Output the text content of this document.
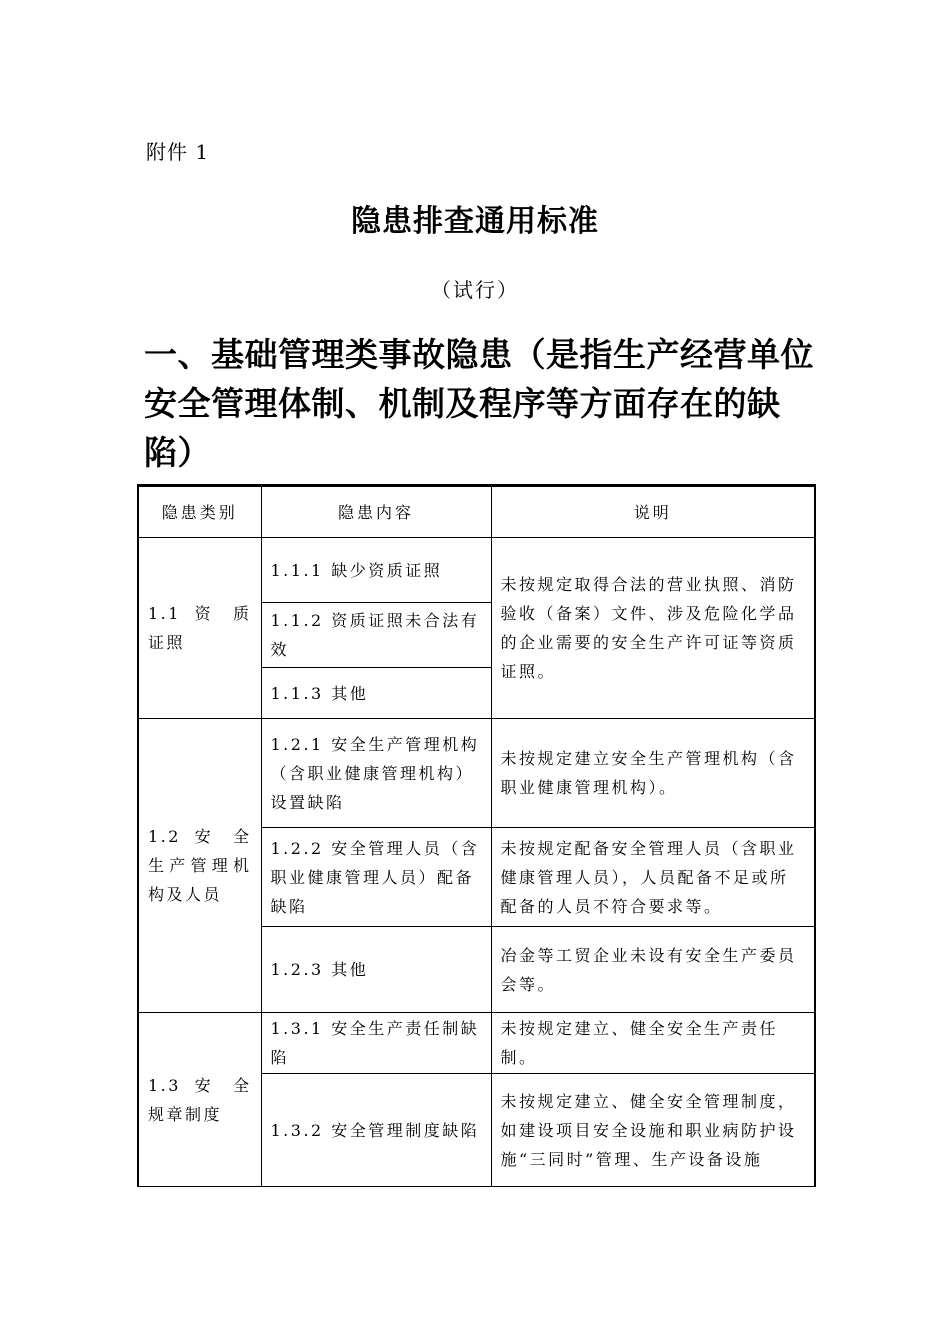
附件 1
隐患排查通用标准
（试行）
一、基础管理类事故隐患（是指生产经营单位安全管理体制、机制及程序等方面存在的缺陷）
隐患类别	隐患内容	说明
1.1 资 质 证照	1.1.1 缺少资质证照	未按规定取得合法的营业执照、消防验收（备案）文件、涉及危险化学品的企业需要的安全生产许可证等资质证照。
	1.1.2 资质证照未合法有效	
	1.1.3 其他	
1.2 安 全 生产管理机构及人员	1.2.1 安全生产管理机构（含职业健康管理机构）设置缺陷	未按规定建立安全生产管理机构（含职业健康管理机构）。
	1.2.2 安全管理人员（含职业健康管理人员）配备缺陷	未按规定配备安全管理人员（含职业健康管理人员），人员配备不足或所配备的人员不符合要求等。
	1.2.3 其他	冶金等工贸企业未设有安全生产委员会等。
1.3 安 全 规章制度	1.3.1 安全生产责任制缺陷	未按规定建立、健全安全生产责任制。
	1.3.2 安全管理制度缺陷	未按规定建立、健全安全管理制度，如建设项目安全设施和职业病防护设施“三同时”管理、生产设备设施
